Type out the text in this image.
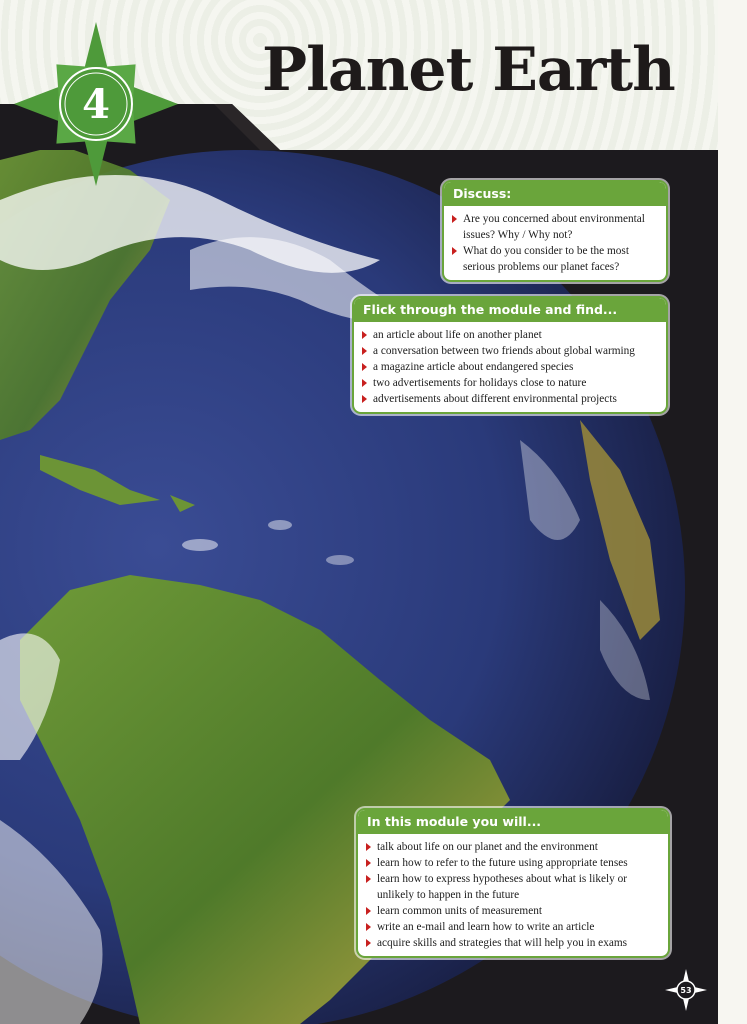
Planet Earth
4
Discuss:
Are you concerned about environmental issues? Why / Why not?
What do you consider to be the most serious problems our planet faces?
Flick through the module and find...
an article about life on another planet
a conversation between two friends about global warming
a magazine article about endangered species
two advertisements for holidays close to nature
advertisements about different environmental projects
In this module you will...
talk about life on our planet and the environment
learn how to refer to the future using appropriate tenses
learn how to express hypotheses about what is likely or unlikely to happen in the future
learn common units of measurement
write an e-mail and learn how to write an article
acquire skills and strategies that will help you in exams
53
